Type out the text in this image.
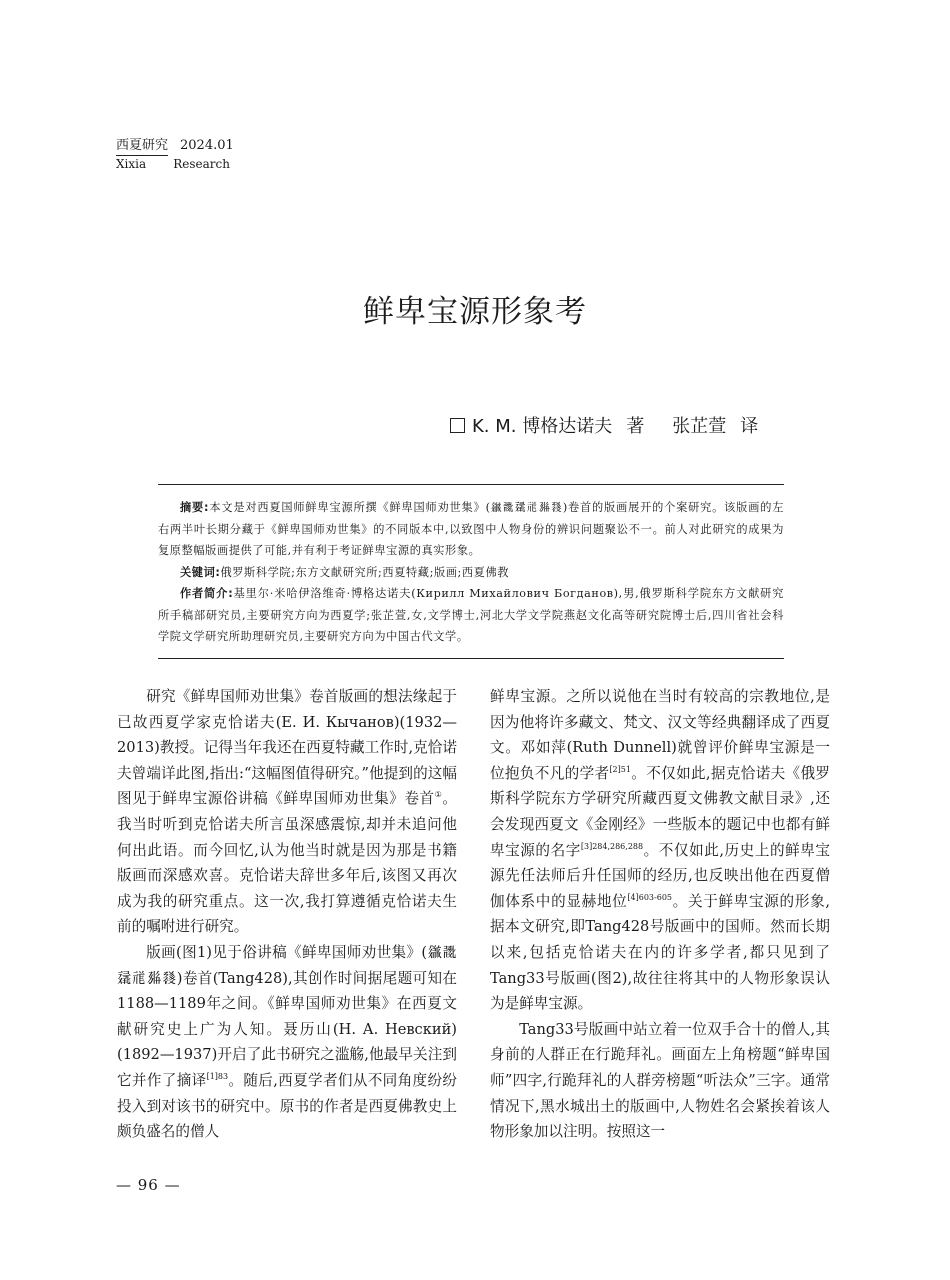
西夏研究 2024.01
Xixia Research
鲜卑宝源形象考
K. M. 博格达诺夫 著 张芷萱 译

摘要:本文是对西夏国师鲜卑宝源所撰《鲜卑国师劝世集》(𗫡𘄏𗡷𗙏𗉝𗉃)卷首的版画展开的个案研究。该版画的左右两半叶长期分藏于《鲜卑国师劝世集》的不同版本中,以致图中人物身份的辨识问题聚讼不一。前人对此研究的成果为复原整幅版画提供了可能,并有利于考证鲜卑宝源的真实形象。

关键词:俄罗斯科学院;东方文献研究所;西夏特藏;版画;西夏佛教

作者简介:基里尔·米哈伊洛维奇·博格达诺夫(Кирилл Михайлович Богданов),男,俄罗斯科学院东方文献研究所手稿部研究员,主要研究方向为西夏学;张芷萱,女,文学博士,河北大学文学院燕赵文化高等研究院博士后,四川省社会科学院文学研究所助理研究员,主要研究方向为中国古代文学。

研究《鲜卑国师劝世集》卷首版画的想法缘起于已故西夏学家克恰诺夫(Е. И. Кычанов)(1932—2013)教授。记得当年我还在西夏特藏工作时,克恰诺夫曾端详此图,指出:“这幅图值得研究。”他提到的这幅图见于鲜卑宝源俗讲稿《鲜卑国师劝世集》卷首①。我当时听到克恰诺夫所言虽深感震惊,却并未追问他何出此语。而今回忆,认为他当时就是因为那是书籍版画而深感欢喜。克恰诺夫辞世多年后,该图又再次成为我的研究重点。这一次,我打算遵循克恰诺夫生前的嘱咐进行研究。

版画(图1)见于俗讲稿《鲜卑国师劝世集》(𗫡𘄏𗡷𗙏𗉝𗉃)卷首(Tang428),其创作时间据尾题可知在1188—1189年之间。《鲜卑国师劝世集》在西夏文献研究史上广为人知。聂历山(Н. А. Невский)(1892—1937)开启了此书研究之滥觞,他最早关注到它并作了摘译$^{[1]83}$。随后,西夏学者们从不同角度纷纷投入到对该书的研究中。原书的作者是西夏佛教史上颇负盛名的僧人

鲜卑宝源。之所以说他在当时有较高的宗教地位,是因为他将许多藏文、梵文、汉文等经典翻译成了西夏文。邓如萍(Ruth Dunnell)就曾评价鲜卑宝源是一位抱负不凡的学者$^{[2]51}$。不仅如此,据克恰诺夫《俄罗斯科学院东方学研究所藏西夏文佛教文献目录》,还会发现西夏文《金刚经》一些版本的题记中也都有鲜卑宝源的名字$^{[3]284,286,288}$。不仅如此,历史上的鲜卑宝源先任法师后升任国师的经历,也反映出他在西夏僧伽体系中的显赫地位$^{[4]603-605}$。关于鲜卑宝源的形象,据本文研究,即Tang428号版画中的国师。然而长期以来,包括克恰诺夫在内的许多学者,都只见到了Tang33号版画(图2),故往往将其中的人物形象误认为是鲜卑宝源。

Tang33号版画中站立着一位双手合十的僧人,其身前的人群正在行跪拜礼。画面左上角榜题“鲜卑国师”四字,行跪拜礼的人群旁榜题“听法众”三字。通常情况下,黑水城出土的版画中,人物姓名会紧挨着该人物形象加以注明。按照这一

— 96 —
